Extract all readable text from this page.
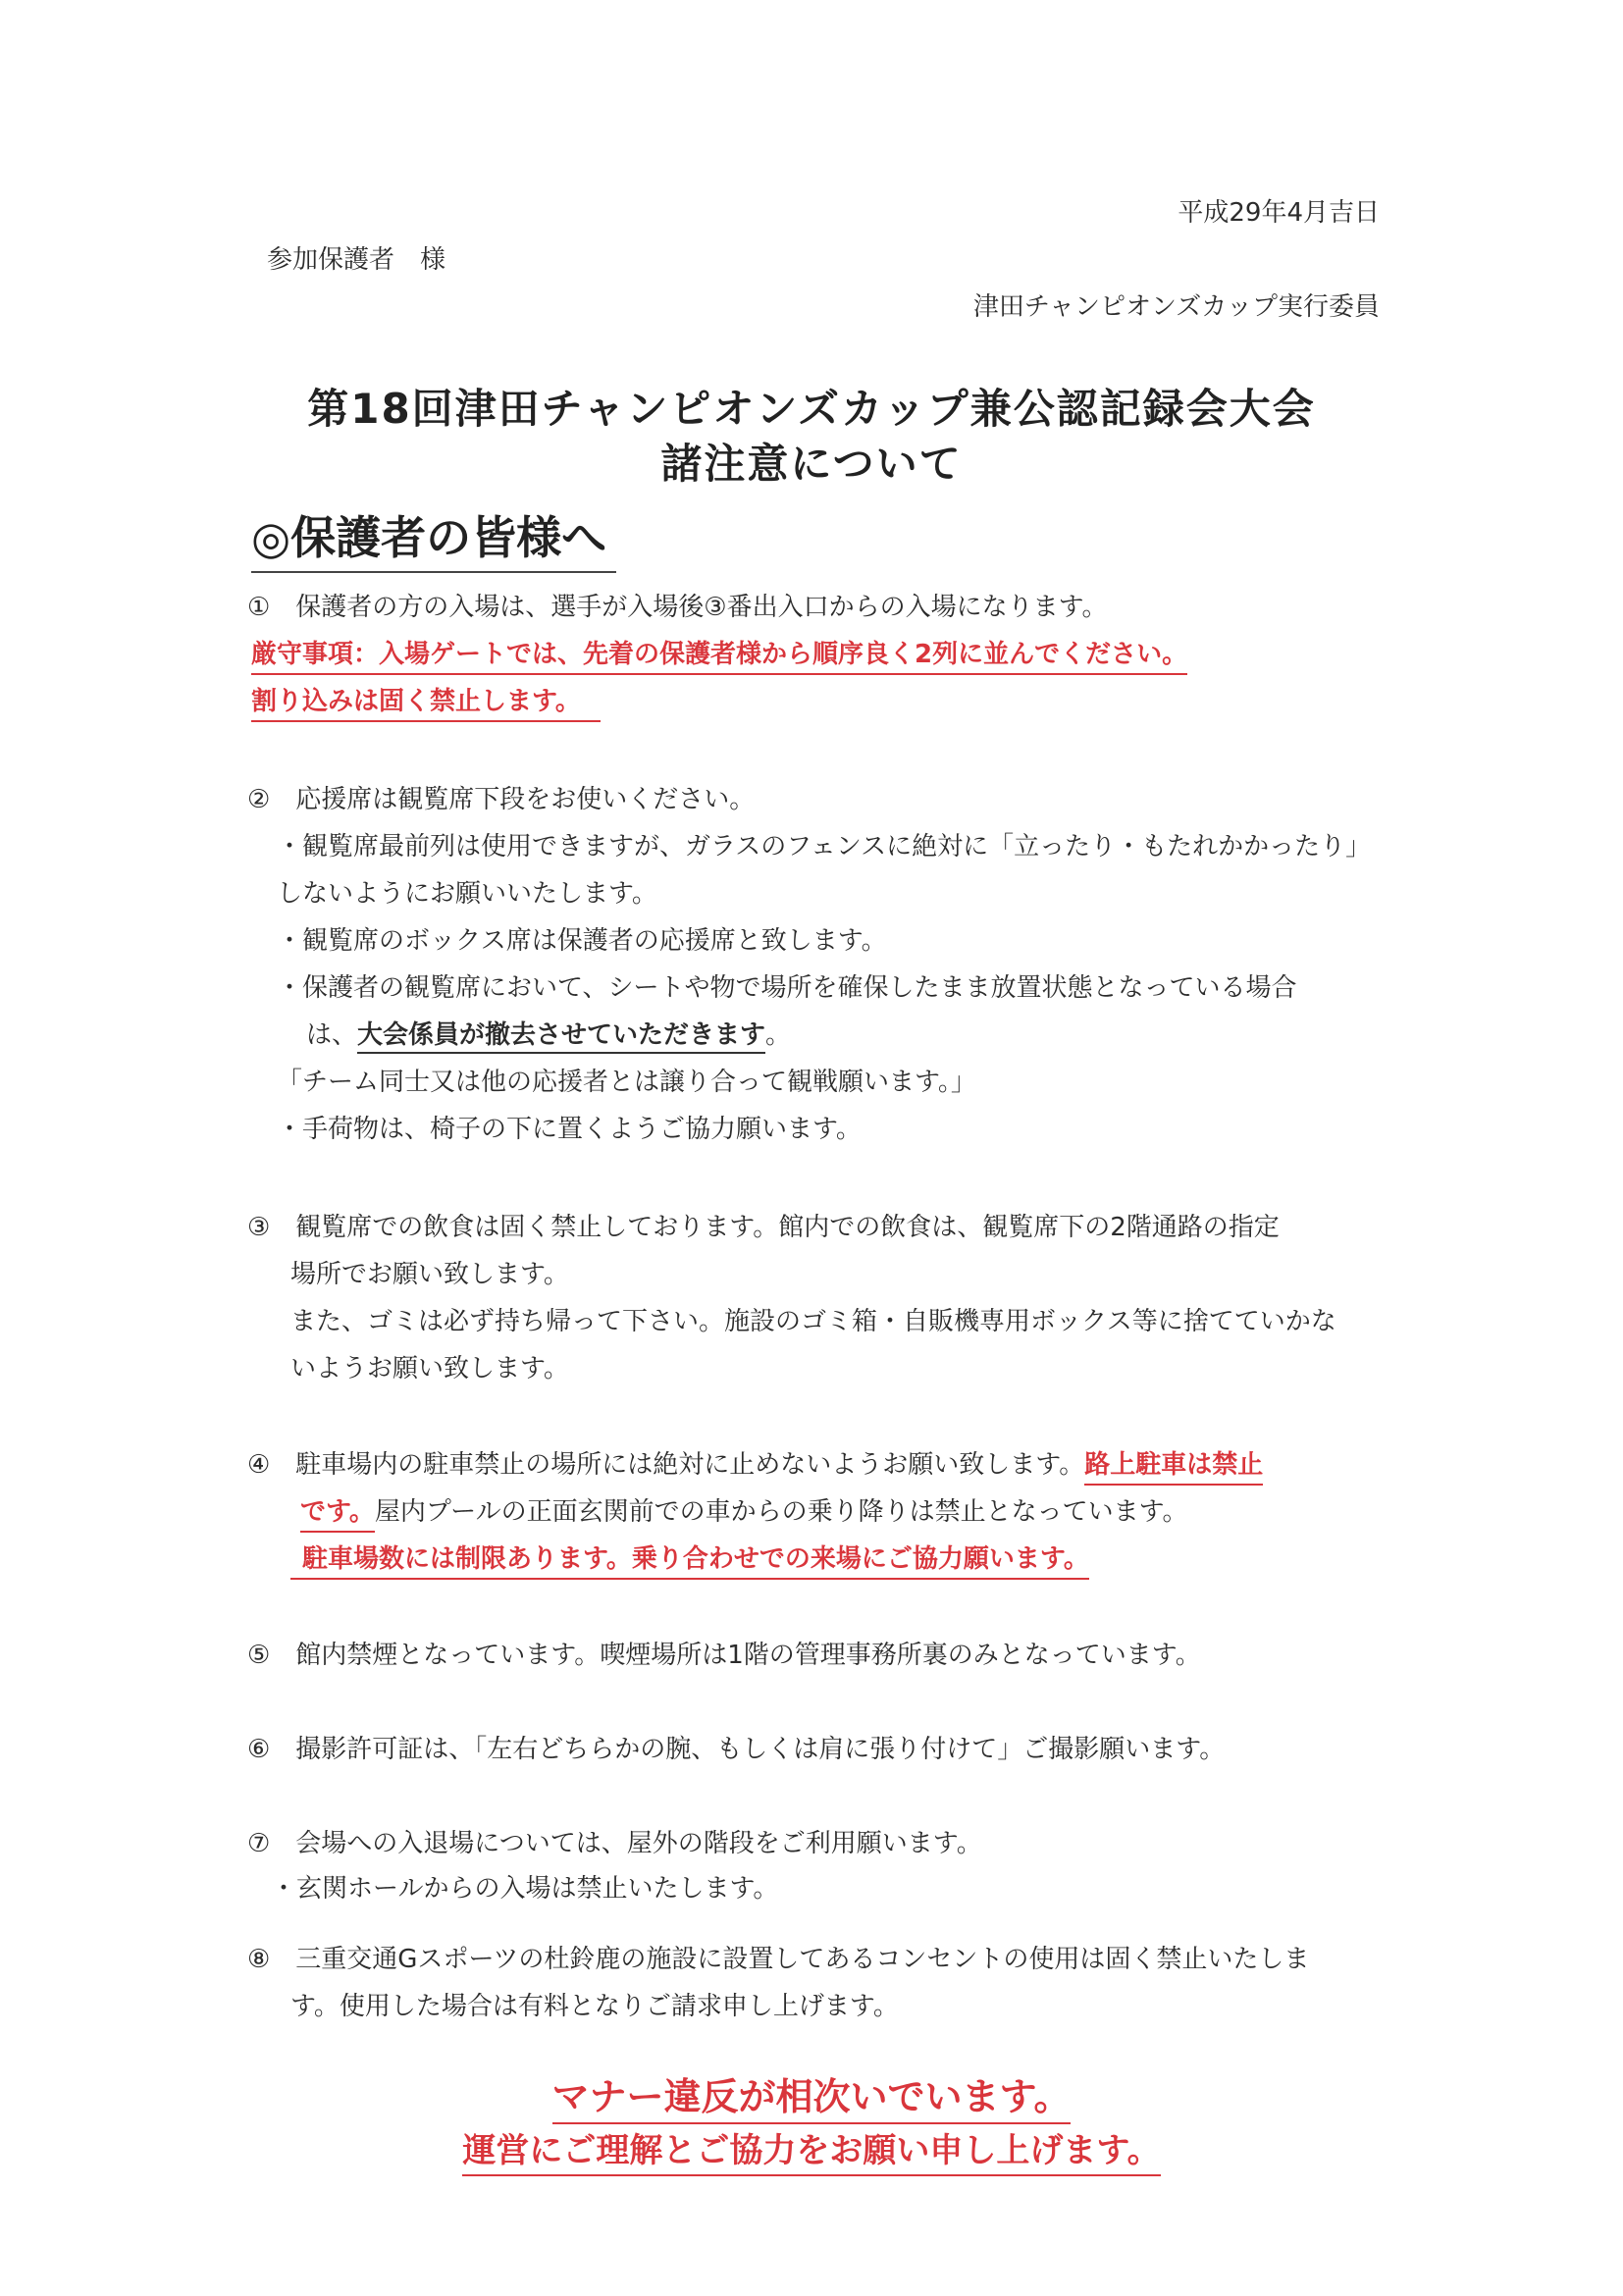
平成29年4月吉日
参加保護者　様
津田チャンピオンズカップ実行委員
第18回津田チャンピオンズカップ兼公認記録会大会
諸注意について
◎保護者の皆様へ
①　保護者の方の入場は、選手が入場後③番出入口からの入場になります。
厳守事項：入場ゲートでは、先着の保護者様から順序良く2列に並んでください。
割り込みは固く禁止します。
②　応援席は観覧席下段をお使いください。
・観覧席最前列は使用できますが、ガラスのフェンスに絶対に「立ったり・もたれかかったり」
しないようにお願いいたします。
・観覧席のボックス席は保護者の応援席と致します。
・保護者の観覧席において、シートや物で場所を確保したまま放置状態となっている場合
は、大会係員が撤去させていただきます。
「チーム同士又は他の応援者とは譲り合って観戦願います。」
・手荷物は、椅子の下に置くようご協力願います。
③　観覧席での飲食は固く禁止しております。館内での飲食は、観覧席下の2階通路の指定
場所でお願い致します。
また、ゴミは必ず持ち帰って下さい。施設のゴミ箱・自販機専用ボックス等に捨てていかな
いようお願い致します。
④　駐車場内の駐車禁止の場所には絶対に止めないようお願い致します。路上駐車は禁止
です。屋内プールの正面玄関前での車からの乗り降りは禁止となっています。
駐車場数には制限あります。乗り合わせでの来場にご協力願います。
⑤　館内禁煙となっています。喫煙場所は1階の管理事務所裏のみとなっています。
⑥　撮影許可証は、「左右どちらかの腕、もしくは肩に張り付けて」ご撮影願います。
⑦　会場への入退場については、屋外の階段をご利用願います。
・玄関ホールからの入場は禁止いたします。
⑧　三重交通Gスポーツの杜鈴鹿の施設に設置してあるコンセントの使用は固く禁止いたしま
す。使用した場合は有料となりご請求申し上げます。
マナー違反が相次いでいます。
運営にご理解とご協力をお願い申し上げます。
